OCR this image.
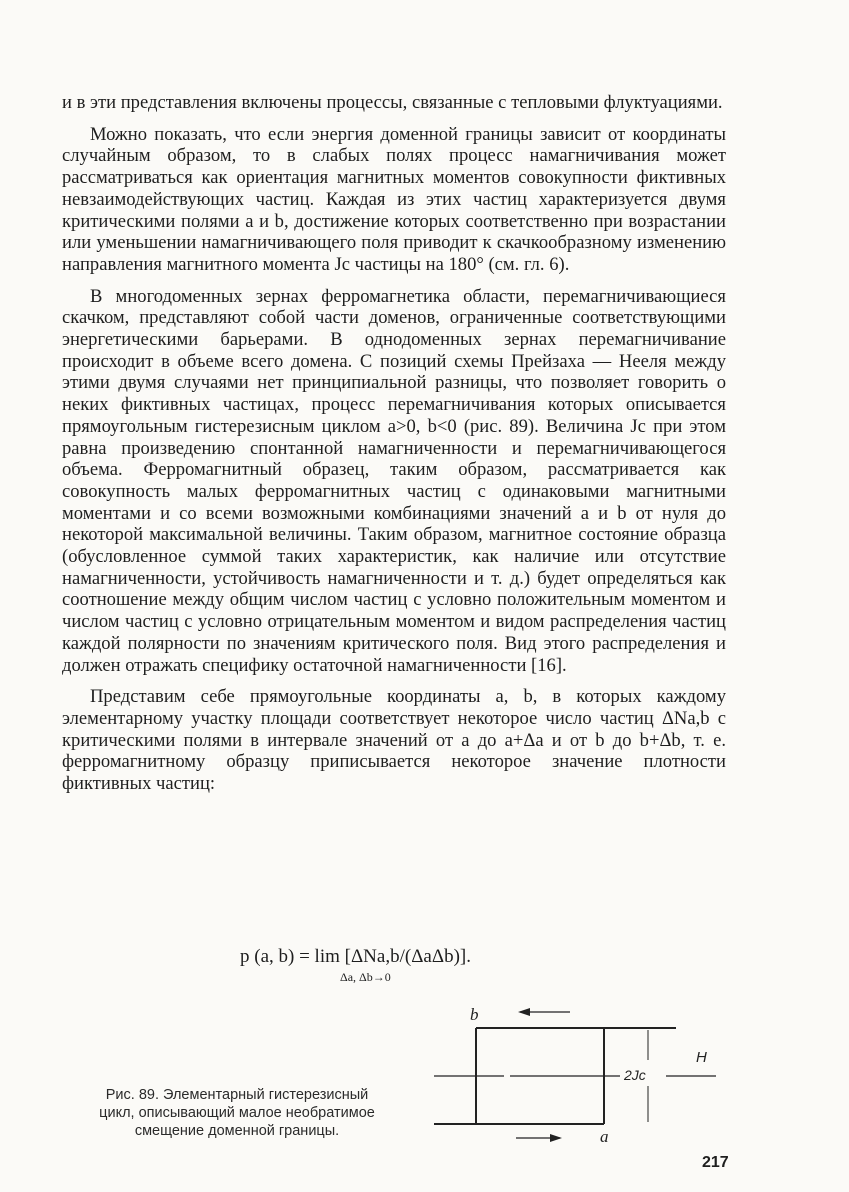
и в эти представления включены процессы, связанные с тепловыми флуктуациями.

Можно показать, что если энергия доменной границы зависит от координаты случайным образом, то в слабых полях процесс намагничивания может рассматриваться как ориентация магнитных моментов совокупности фиктивных невзаимодействующих частиц. Каждая из этих частиц характеризуется двумя критическими полями a и b, достижение которых соответственно при возрастании или уменьшении намагничивающего поля приводит к скачкообразному изменению направления магнитного момента Jc частицы на 180° (см. гл. 6).

В многодоменных зернах ферромагнетика области, перемагничивающиеся скачком, представляют собой части доменов, ограниченные соответствующими энергетическими барьерами. В однодоменных зернах перемагничивание происходит в объеме всего домена. С позиций схемы Прейзаха — Нееля между этими двумя случаями нет принципиальной разницы, что позволяет говорить о неких фиктивных частицах, процесс перемагничивания которых описывается прямоугольным гистерезисным циклом a>0, b<0 (рис. 89). Величина Jc при этом равна произведению спонтанной намагниченности и перемагничивающегося объема. Ферромагнитный образец, таким образом, рассматривается как совокупность малых ферромагнитных частиц с одинаковыми магнитными моментами и со всеми возможными комбинациями значений a и b от нуля до некоторой максимальной величины. Таким образом, магнитное состояние образца (обусловленное суммой таких характеристик, как наличие или отсутствие намагниченности, устойчивость намагниченности и т. д.) будет определяться как соотношение между общим числом частиц с условно положительным моментом и числом частиц с условно отрицательным моментом и видом распределения частиц каждой полярности по значениям критического поля. Вид этого распределения и должен отражать специфику остаточной намагниченности [16].

Представим себе прямоугольные координаты a, b, в которых каждому элементарному участку площади соответствует некоторое число частиц ΔNa,b с критическими полями в интервале значений от a до a+Δa и от b до b+Δb, т. е. ферромагнитному образцу приписывается некоторое значение плотности фиктивных частиц:

p (a, b) = lim [ΔNa,b/(ΔaΔb)].
Δa, Δb→0
Рис. 89. Элементарный гистерезисный цикл, описывающий малое необратимое смещение доменной границы.
b
a
H
2Jc
217
